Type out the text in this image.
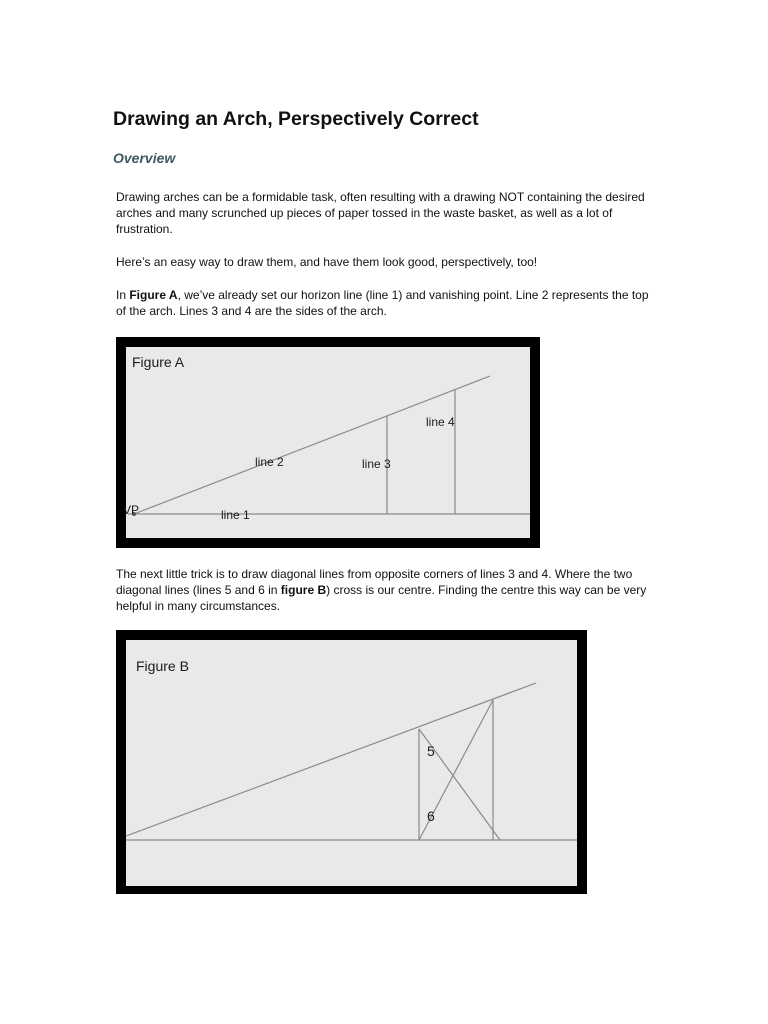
Drawing an Arch, Perspectively Correct
Overview

Drawing arches can be a formidable task, often resulting with a drawing NOT containing the desired arches and many scrunched up pieces of paper tossed in the waste basket, as well as a lot of frustration.

Here’s an easy way to draw them, and have them look good, perspectively, too!

In Figure A, we’ve already set our horizon line (line 1) and vanishing point. Line 2 represents the top of the arch. Lines 3 and 4 are the sides of the arch.

Figure A
VP	line 1
line 2	line 3
line 4

The next little trick is to draw diagonal lines from opposite corners of lines 3 and 4. Where the two diagonal lines (lines 5 and 6 in figure B) cross is our centre. Finding the centre this way can be very helpful in many circumstances.

Figure B
5
6
